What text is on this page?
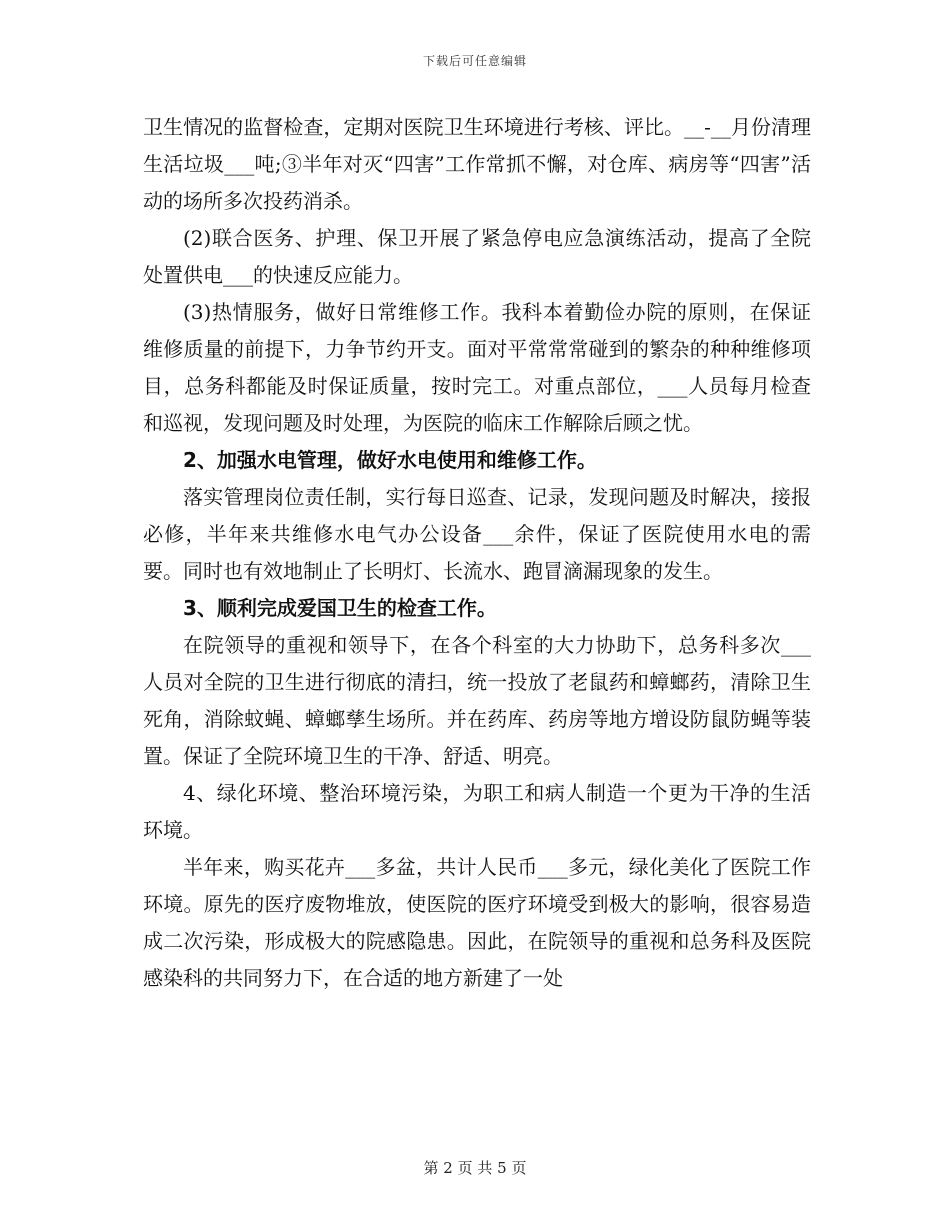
下载后可任意编辑

卫生情况的监督检查，定期对医院卫生环境进行考核、评比。__-__月份清理生活垃圾___吨;③半年对灭“四害”工作常抓不懈，对仓库、病房等“四害”活动的场所多次投药消杀。

(2)联合医务、护理、保卫开展了紧急停电应急演练活动，提高了全院处置供电___的快速反应能力。

(3)热情服务，做好日常维修工作。我科本着勤俭办院的原则，在保证维修质量的前提下，力争节约开支。面对平常常常碰到的繁杂的种种维修项目，总务科都能及时保证质量，按时完工。对重点部位，___人员每月检查和巡视，发现问题及时处理，为医院的临床工作解除后顾之忧。

2、加强水电管理，做好水电使用和维修工作。

落实管理岗位责任制，实行每日巡查、记录，发现问题及时解决，接报必修，半年来共维修水电气办公设备___余件，保证了医院使用水电的需要。同时也有效地制止了长明灯、长流水、跑冒滴漏现象的发生。

3、顺利完成爱国卫生的检查工作。

在院领导的重视和领导下，在各个科室的大力协助下，总务科多次___人员对全院的卫生进行彻底的清扫，统一投放了老鼠药和蟑螂药，清除卫生死角，消除蚊蝇、蟑螂孳生场所。并在药库、药房等地方增设防鼠防蝇等装置。保证了全院环境卫生的干净、舒适、明亮。

4、绿化环境、整治环境污染，为职工和病人制造一个更为干净的生活环境。

半年来，购买花卉___多盆，共计人民币___多元，绿化美化了医院工作环境。原先的医疗废物堆放，使医院的医疗环境受到极大的影响，很容易造成二次污染，形成极大的院感隐患。因此，在院领导的重视和总务科及医院感染科的共同努力下，在合适的地方新建了一处

第 2 页 共 5 页
